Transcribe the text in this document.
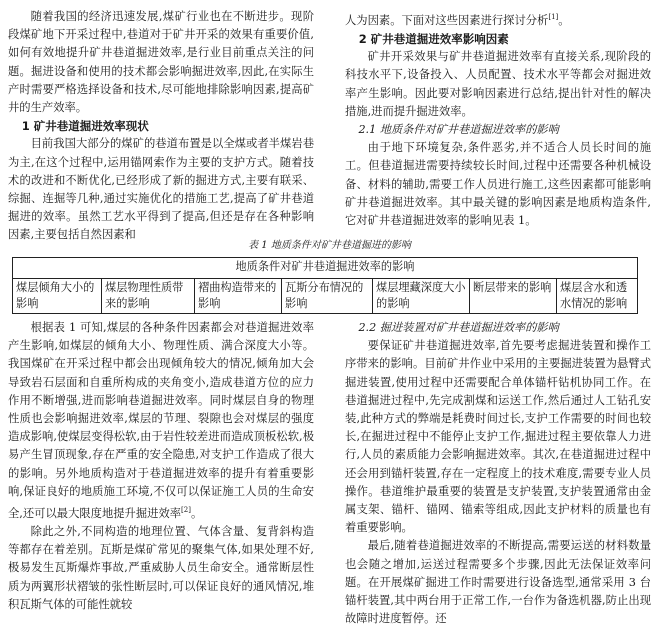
随着我国的经济迅速发展,煤矿行业也在不断进步。现阶段煤矿地下开采过程中,巷道对于矿井开采的效果有重要价值,如何有效地提升矿井巷道掘进效率,是行业目前重点关注的问题。掘进设备和使用的技术都会影响掘进效率,因此,在实际生产时需要严格选择设备和技术,尽可能地排除影响因素,提高矿井的生产效率。

1 矿井巷道掘进效率现状

目前我国大部分的煤矿的巷道布置是以全煤或者半煤岩巷为主,在这个过程中,运用锚网索作为主要的支护方式。随着技术的改进和不断优化,已经形成了新的掘进方式,主要有联采、综掘、连掘等几种,通过实施优化的措施工艺,提高了矿井巷道掘进的效率。虽然工艺水平得到了提高,但还是存在各种影响因素,主要包括自然因素和

人为因素。下面对这些因素进行探讨分析[1]。

2 矿井巷道掘进效率影响因素

矿井开采效果与矿井巷道掘进效率有直接关系,现阶段的科技水平下,设备投入、人员配置、技术水平等都会对掘进效率产生影响。因此要对影响因素进行总结,提出针对性的解决措施,进而提升掘进效率。

2.1 地质条件对矿井巷道掘进效率的影响

由于地下环境复杂,条件恶劣,并不适合人员长时间的施工。但巷道掘进需要持续较长时间,过程中还需要各种机械设备、材料的辅助,需要工作人员进行施工,这些因素都可能影响矿井巷道掘进效率。其中最关键的影响因素是地质构造条件,它对矿井巷道掘进效率的影响见表 1。

表 1 地质条件对矿井巷道掘进的影响
地质条件对矿井巷道掘进效率的影响
煤层倾角大小的影响	煤层物理性质带来的影响	褶曲构造带来的影响	瓦斯分布情况的影响	煤层埋藏深度大小的影响	断层带来的影响	煤层含水和透水情况的影响

根据表 1 可知,煤层的各种条件因素都会对巷道掘进效率产生影响,如煤层的倾角大小、物理性质、满合深度大小等。我国煤矿在开采过程中都会出现倾角较大的情况,倾角加大会导致岩石层面和自重所构成的夹角变小,造成巷道方位的应力作用不断增强,进而影响巷道掘进效率。同时煤层自身的物理性质也会影响掘进效率,煤层的节理、裂隙也会对煤层的强度造成影响,使煤层变得松软,由于岩性较差进而造成顶板松软,极易产生冒顶现象,存在严重的安全隐患,对支护工作造成了很大的影响。另外地质构造对于巷道掘进效率的提升有着重要影响,保证良好的地质施工环境,不仅可以保证施工人员的生命安全,还可以最大限度地提升掘进效率[2]。

除此之外,不同构造的地理位置、气体含量、复背斜构造等都存在着差别。瓦斯是煤矿常见的聚集气体,如果处理不好,极易发生瓦斯爆炸事故,严重威胁人员生命安全。通常断层性质为两翼形状褶皱的张性断层时,可以保证良好的通风情况,堆积瓦斯气体的可能性就较

2.2 掘进装置对矿井巷道掘进效率的影响

要保证矿井巷道掘进效率,首先要考虑掘进装置和操作工序带来的影响。目前矿井作业中采用的主要掘进装置为悬臂式掘进装置,使用过程中还需要配合单体锚杆钻机协同工作。在巷道掘进过程中,先完成割煤和运送工作,然后通过人工钻孔安装,此种方式的弊端是耗费时间过长,支护工作需要的时间也较长,在掘进过程中不能停止支护工作,掘进过程主要依靠人力进行,人员的素质能力会影响掘进效率。其次,在巷道掘进过程中还会用到锚杆装置,存在一定程度上的技术难度,需要专业人员操作。巷道维护最重要的装置是支护装置,支护装置通常由金属支架、锚杆、锚网、锚索等组成,因此支护材料的质量也有着重要影响。

最后,随着巷道掘进效率的不断提高,需要运送的材料数量也会随之增加,运送过程需要多个步骤,因此无法保证效率问题。在开展煤矿掘进工作时需要进行设备选型,通常采用 3 台锚杆装置,其中两台用于正常工作,一台作为备选机器,防止出现故障时进度暂停。还
